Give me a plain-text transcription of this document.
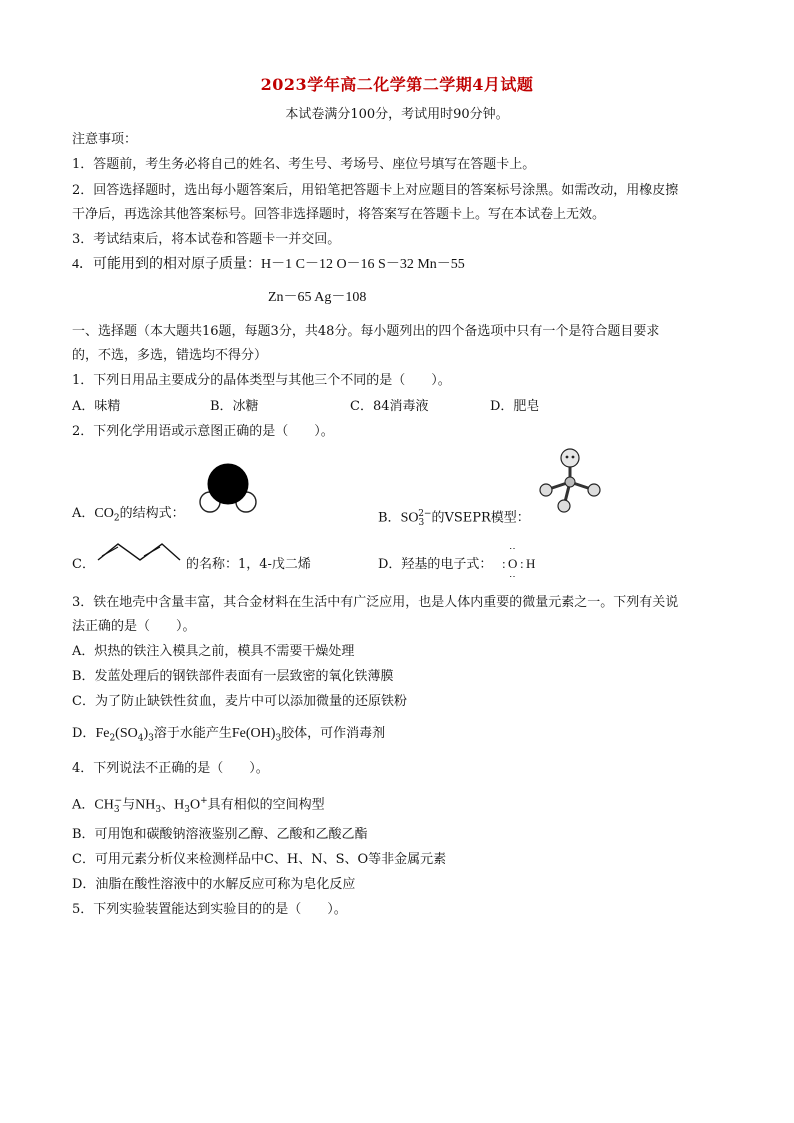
2023学年高二化学第二学期4月试题
本试卷满分100分，考试用时90分钟。
注意事项：
1．答题前，考生务必将自己的姓名、考生号、考场号、座位号填写在答题卡上。
2．回答选择题时，选出每小题答案后，用铅笔把答题卡上对应题目的答案标号涂黑。如需改动，用橡皮擦
干净后，再选涂其他答案标号。回答非选择题时，将答案写在答题卡上。写在本试卷上无效。
3．考试结束后，将本试卷和答题卡一并交回。
4．可能用到的相对原子质量：H－1 C－12 O－16 S－32 Mn－55
Zn－65 Ag－108
一、选择题（本大题共16题，每题3分，共48分。每小题列出的四个备选项中只有一个是符合题目要求
的，不选，多选，错选均不得分）
1．下列日用品主要成分的晶体类型与其他三个不同的是（　　）。
A．味精	B．冰糖	C．84消毒液	D．肥皂
2．下列化学用语或示意图正确的是（　　）。
A．$CO_2$的结构式：	B．$SO_3^{2-}$的VSEPR模型：
C．	的名称：1，4-戊二烯	D．羟基的电子式：
‥
: O : H
‥
3．铁在地壳中含量丰富，其合金材料在生活中有广泛应用，也是人体内重要的微量元素之一。下列有关说
法正确的是（　　）。
A．炽热的铁注入模具之前，模具不需要干燥处理
B．发蓝处理后的钢铁部件表面有一层致密的氧化铁薄膜
C．为了防止缺铁性贫血，麦片中可以添加微量的还原铁粉
D．$Fe_2(SO_4)_3$溶于水能产生$Fe(OH)_3$胶体，可作消毒剂
4．下列说法不正确的是（　　）。
A．$CH_3^-$与$NH_3$、$H_3O^+$具有相似的空间构型
B．可用饱和碳酸钠溶液鉴别乙醇、乙酸和乙酸乙酯
C．可用元素分析仪来检测样品中C、H、N、S、O等非金属元素
D．油脂在酸性溶液中的水解反应可称为皂化反应
5．下列实验装置能达到实验目的的是（　　）。
